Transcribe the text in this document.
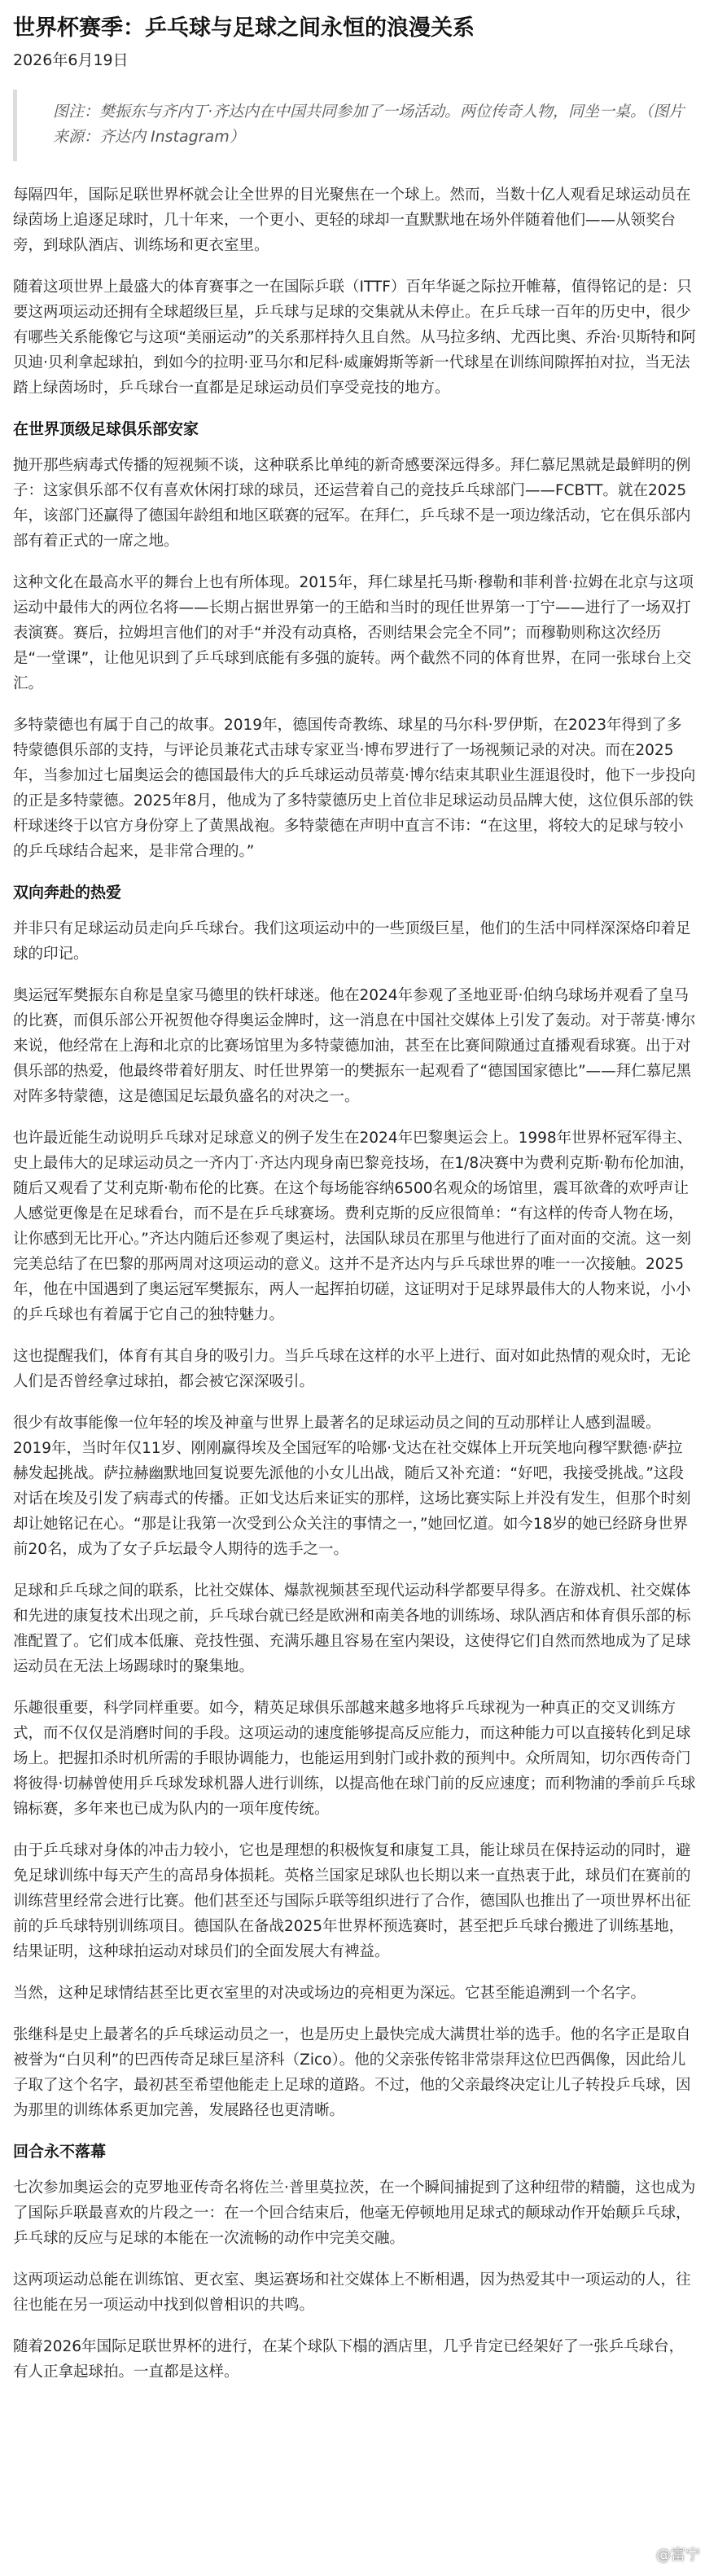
世界杯赛季：乒乓球与足球之间永恒的浪漫关系
2026年6月19日
图注：樊振东与齐内丁·齐达内在中国共同参加了一场活动。两位传奇人物，同坐一桌。（图片来源：齐达内 Instagram）

每隔四年，国际足联世界杯就会让全世界的目光聚焦在一个球上。然而，当数十亿人观看足球运动员在绿茵场上追逐足球时，几十年来，一个更小、更轻的球却一直默默地在场外伴随着他们——从领奖台旁，到球队酒店、训练场和更衣室里。

随着这项世界上最盛大的体育赛事之一在国际乒联（ITTF）百年华诞之际拉开帷幕，值得铭记的是：只要这两项运动还拥有全球超级巨星，乒乓球与足球的交集就从未停止。在乒乓球一百年的历史中，很少有哪些关系能像它与这项“美丽运动”的关系那样持久且自然。从马拉多纳、尤西比奥、乔治·贝斯特和阿贝迪·贝利拿起球拍，到如今的拉明·亚马尔和尼科·威廉姆斯等新一代球星在训练间隙挥拍对拉，当无法踏上绿茵场时，乒乓球台一直都是足球运动员们享受竞技的地方。

在世界顶级足球俱乐部安家

抛开那些病毒式传播的短视频不谈，这种联系比单纯的新奇感要深远得多。拜仁慕尼黑就是最鲜明的例子：这家俱乐部不仅有喜欢休闲打球的球员，还运营着自己的竞技乒乓球部门——FCBTT。就在2025年，该部门还赢得了德国年龄组和地区联赛的冠军。在拜仁，乒乓球不是一项边缘活动，它在俱乐部内部有着正式的一席之地。

这种文化在最高水平的舞台上也有所体现。2015年，拜仁球星托马斯·穆勒和菲利普·拉姆在北京与这项运动中最伟大的两位名将——长期占据世界第一的王皓和当时的现任世界第一丁宁——进行了一场双打表演赛。赛后，拉姆坦言他们的对手“并没有动真格，否则结果会完全不同”；而穆勒则称这次经历是“一堂课”，让他见识到了乒乓球到底能有多强的旋转。两个截然不同的体育世界，在同一张球台上交汇。

多特蒙德也有属于自己的故事。2019年，德国传奇教练、球星的马尔科·罗伊斯，在2023年得到了多特蒙德俱乐部的支持，与评论员兼花式击球专家亚当·博布罗进行了一场视频记录的对决。而在2025年，当参加过七届奥运会的德国最伟大的乒乓球运动员蒂莫·博尔结束其职业生涯退役时，他下一步投向的正是多特蒙德。2025年8月，他成为了多特蒙德历史上首位非足球运动员品牌大使，这位俱乐部的铁杆球迷终于以官方身份穿上了黄黑战袍。多特蒙德在声明中直言不讳：“在这里，将较大的足球与较小的乒乓球结合起来，是非常合理的。”

双向奔赴的热爱

并非只有足球运动员走向乒乓球台。我们这项运动中的一些顶级巨星，他们的生活中同样深深烙印着足球的印记。

奥运冠军樊振东自称是皇家马德里的铁杆球迷。他在2024年参观了圣地亚哥·伯纳乌球场并观看了皇马的比赛，而俱乐部公开祝贺他夺得奥运金牌时，这一消息在中国社交媒体上引发了轰动。对于蒂莫·博尔来说，他经常在上海和北京的比赛场馆里为多特蒙德加油，甚至在比赛间隙通过直播观看球赛。出于对俱乐部的热爱，他最终带着好朋友、时任世界第一的樊振东一起观看了“德国国家德比”——拜仁慕尼黑对阵多特蒙德，这是德国足坛最负盛名的对决之一。

也许最近能生动说明乒乓球对足球意义的例子发生在2024年巴黎奥运会上。1998年世界杯冠军得主、史上最伟大的足球运动员之一齐内丁·齐达内现身南巴黎竞技场，在1/8决赛中为费利克斯·勒布伦加油，随后又观看了艾利克斯·勒布伦的比赛。在这个每场能容纳6500名观众的场馆里，震耳欲聋的欢呼声让人感觉更像是在足球看台，而不是在乒乓球赛场。费利克斯的反应很简单：“有这样的传奇人物在场，让你感到无比开心。”齐达内随后还参观了奥运村，法国队球员在那里与他进行了面对面的交流。这一刻完美总结了在巴黎的那两周对这项运动的意义。这并不是齐达内与乒乓球世界的唯一一次接触。2025年，他在中国遇到了奥运冠军樊振东，两人一起挥拍切磋，这证明对于足球界最伟大的人物来说，小小的乒乓球也有着属于它自己的独特魅力。

这也提醒我们，体育有其自身的吸引力。当乒乓球在这样的水平上进行、面对如此热情的观众时，无论人们是否曾经拿过球拍，都会被它深深吸引。

很少有故事能像一位年轻的埃及神童与世界上最著名的足球运动员之间的互动那样让人感到温暖。2019年，当时年仅11岁、刚刚赢得埃及全国冠军的哈娜·戈达在社交媒体上开玩笑地向穆罕默德·萨拉赫发起挑战。萨拉赫幽默地回复说要先派他的小女儿出战，随后又补充道：“好吧，我接受挑战。”这段对话在埃及引发了病毒式的传播。正如戈达后来证实的那样，这场比赛实际上并没有发生，但那个时刻却让她铭记在心。“那是让我第一次受到公众关注的事情之一，”她回忆道。如今18岁的她已经跻身世界前20名，成为了女子乒坛最令人期待的选手之一。

足球和乒乓球之间的联系，比社交媒体、爆款视频甚至现代运动科学都要早得多。在游戏机、社交媒体和先进的康复技术出现之前，乒乓球台就已经是欧洲和南美各地的训练场、球队酒店和体育俱乐部的标准配置了。它们成本低廉、竞技性强、充满乐趣且容易在室内架设，这使得它们自然而然地成为了足球运动员在无法上场踢球时的聚集地。

乐趣很重要，科学同样重要。如今，精英足球俱乐部越来越多地将乒乓球视为一种真正的交叉训练方式，而不仅仅是消磨时间的手段。这项运动的速度能够提高反应能力，而这种能力可以直接转化到足球场上。把握扣杀时机所需的手眼协调能力，也能运用到射门或扑救的预判中。众所周知，切尔西传奇门将彼得·切赫曾使用乒乓球发球机器人进行训练，以提高他在球门前的反应速度；而利物浦的季前乒乓球锦标赛，多年来也已成为队内的一项年度传统。

由于乒乓球对身体的冲击力较小，它也是理想的积极恢复和康复工具，能让球员在保持运动的同时，避免足球训练中每天产生的高昂身体损耗。英格兰国家足球队也长期以来一直热衷于此，球员们在赛前的训练营里经常会进行比赛。他们甚至还与国际乒联等组织进行了合作，德国队也推出了一项世界杯出征前的乒乓球特别训练项目。德国队在备战2025年世界杯预选赛时，甚至把乒乓球台搬进了训练基地，结果证明，这种球拍运动对球员们的全面发展大有裨益。

当然，这种足球情结甚至比更衣室里的对决或场边的亮相更为深远。它甚至能追溯到一个名字。

张继科是史上最著名的乒乓球运动员之一，也是历史上最快完成大满贯壮举的选手。他的名字正是取自被誉为“白贝利”的巴西传奇足球巨星济科（Zico）。他的父亲张传铭非常崇拜这位巴西偶像，因此给儿子取了这个名字，最初甚至希望他能走上足球的道路。不过，他的父亲最终决定让儿子转投乒乓球，因为那里的训练体系更加完善，发展路径也更清晰。

回合永不落幕

七次参加奥运会的克罗地亚传奇名将佐兰·普里莫拉茨，在一个瞬间捕捉到了这种纽带的精髓，这也成为了国际乒联最喜欢的片段之一：在一个回合结束后，他毫无停顿地用足球式的颠球动作开始颠乒乓球，乒乓球的反应与足球的本能在一次流畅的动作中完美交融。

这两项运动总能在训练馆、更衣室、奥运赛场和社交媒体上不断相遇，因为热爱其中一项运动的人，往往也能在另一项运动中找到似曾相识的共鸣。

随着2026年国际足联世界杯的进行，在某个球队下榻的酒店里，几乎肯定已经架好了一张乒乓球台，有人正拿起球拍。一直都是这样。

@富宁
